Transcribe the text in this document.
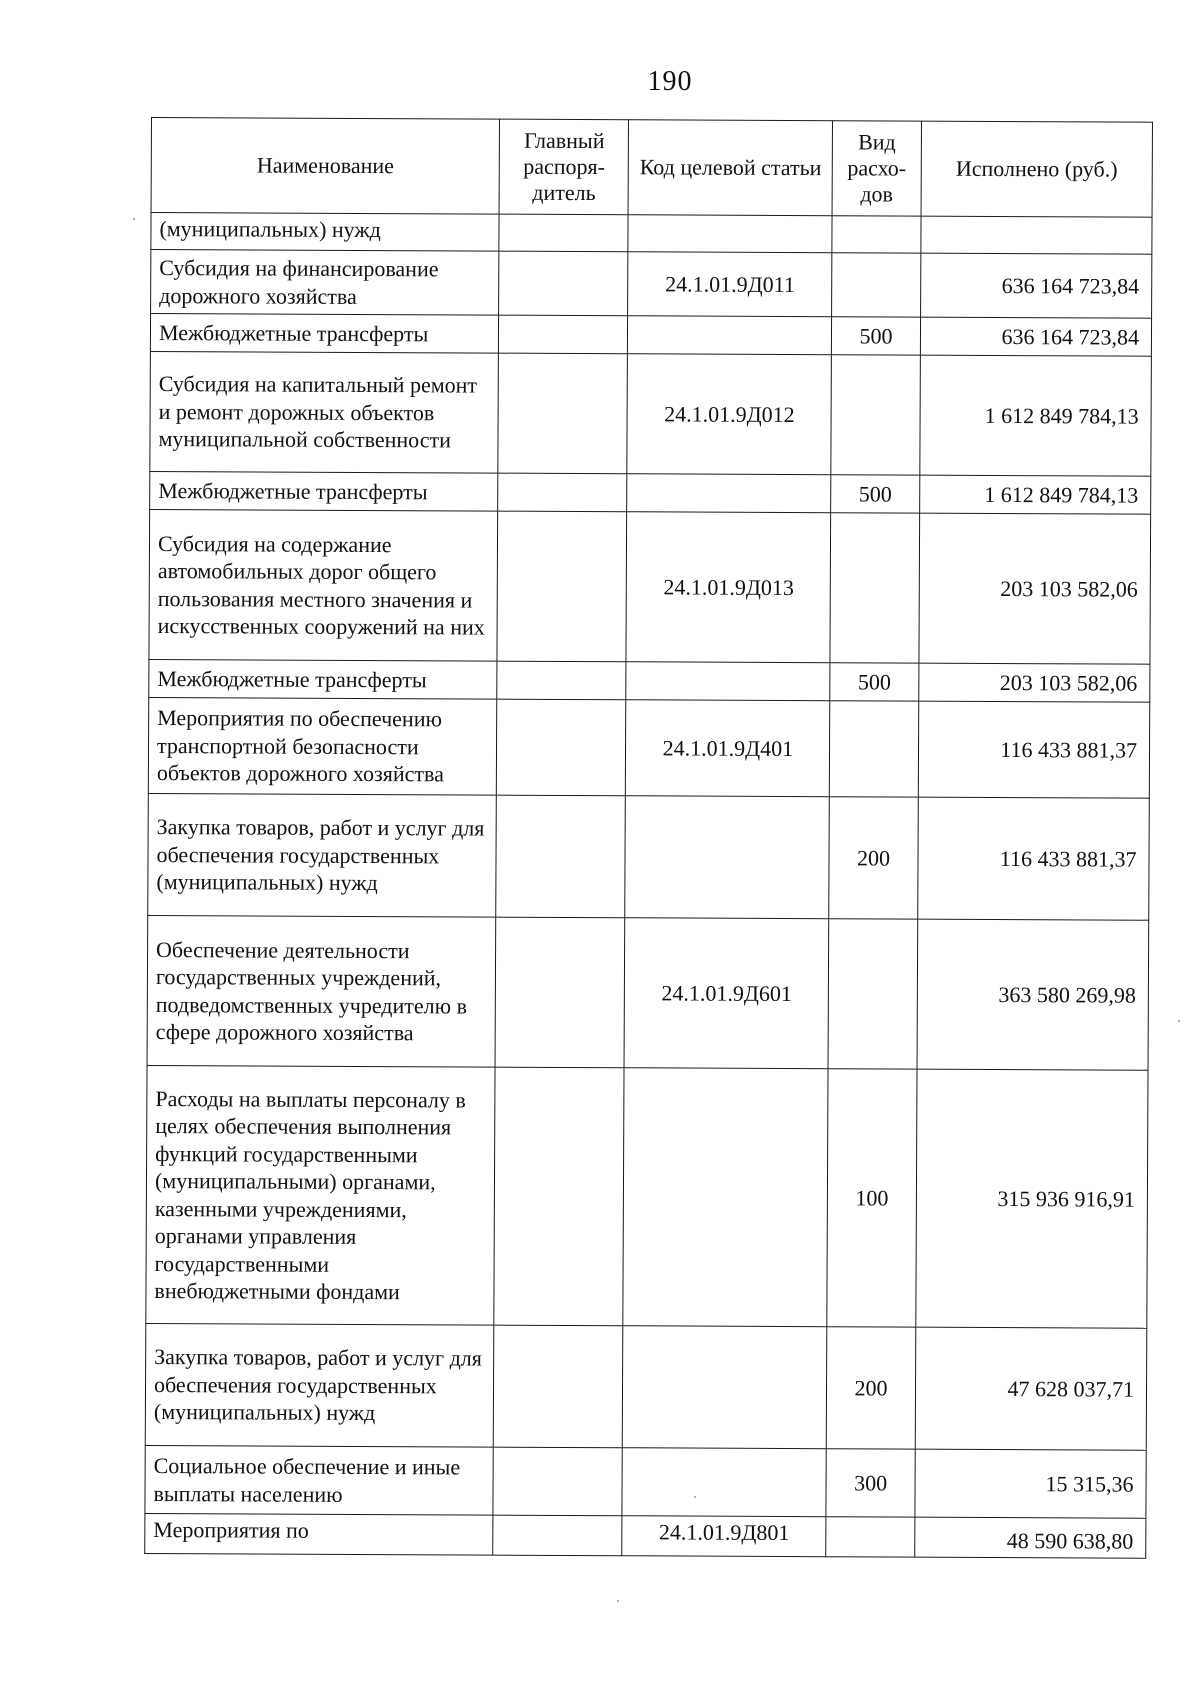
190
Наименование	Главный распоря-дитель	Код целевой статьи	Вид расхо-дов	Исполнено (руб.)
(муниципальных) нужд				
Субсидия на финансирование дорожного хозяйства		24.1.01.9Д011		636 164 723,84
Межбюджетные трансферты			500	636 164 723,84
Субсидия на капитальный ремонт и ремонт дорожных объектов муниципальной собственности		24.1.01.9Д012		1 612 849 784,13
Межбюджетные трансферты			500	1 612 849 784,13
Субсидия на содержание автомобильных дорог общего пользования местного значения и искусственных сооружений на них		24.1.01.9Д013		203 103 582,06
Межбюджетные трансферты			500	203 103 582,06
Мероприятия по обеспечению транспортной безопасности объектов дорожного хозяйства		24.1.01.9Д401		116 433 881,37
Закупка товаров, работ и услуг для обеспечения государственных (муниципальных) нужд			200	116 433 881,37
Обеспечение деятельности государственных учреждений, подведомственных учредителю в сфере дорожного хозяйства		24.1.01.9Д601		363 580 269,98
Расходы на выплаты персоналу в целях обеспечения выполнения функций государственными (муниципальными) органами, казенными учреждениями, органами управления государственными внебюджетными фондами			100	315 936 916,91
Закупка товаров, работ и услуг для обеспечения государственных (муниципальных) нужд			200	47 628 037,71
Социальное обеспечение и иные выплаты населению			300	15 315,36
Мероприятия по		24.1.01.9Д801		48 590 638,80
